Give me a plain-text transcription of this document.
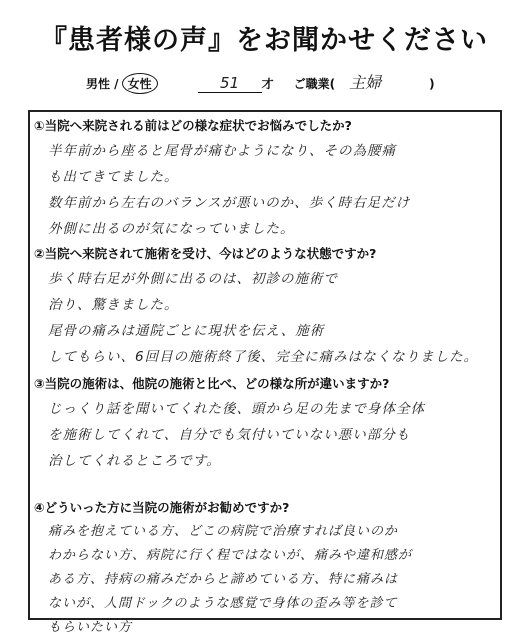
『患者様の声』をお聞かせください
男性 / 女性	51	才 ご職業( 主婦	)
①当院へ来院される前はどの様な症状でお悩みでしたか?

半年前から座ると尾骨が痛むようになり、その為腰痛

も出てきてました。

数年前から左右のバランスが悪いのか、歩く時右足だけ

外側に出るのが気になっていました。

②当院へ来院されて施術を受け、今はどのような状態ですか?

歩く時右足が外側に出るのは、初診の施術で

治り、驚きました。

尾骨の痛みは通院ごとに現状を伝え、施術

してもらい、6回目の施術終了後、完全に痛みはなくなりました。

③当院の施術は、他院の施術と比べ、どの様な所が違いますか?

じっくり話を聞いてくれた後、頭から足の先まで身体全体

を施術してくれて、自分でも気付いていない悪い部分も

治してくれるところです。

④どういった方に当院の施術がお勧めですか?

痛みを抱えている方、どこの病院で治療すれば良いのか

わからない方、病院に行く程ではないが、痛みや違和感が

ある方、持病の痛みだからと諦めている方、特に痛みは

ないが、人間ドックのような感覚で身体の歪み等を診て

もらいたい方
